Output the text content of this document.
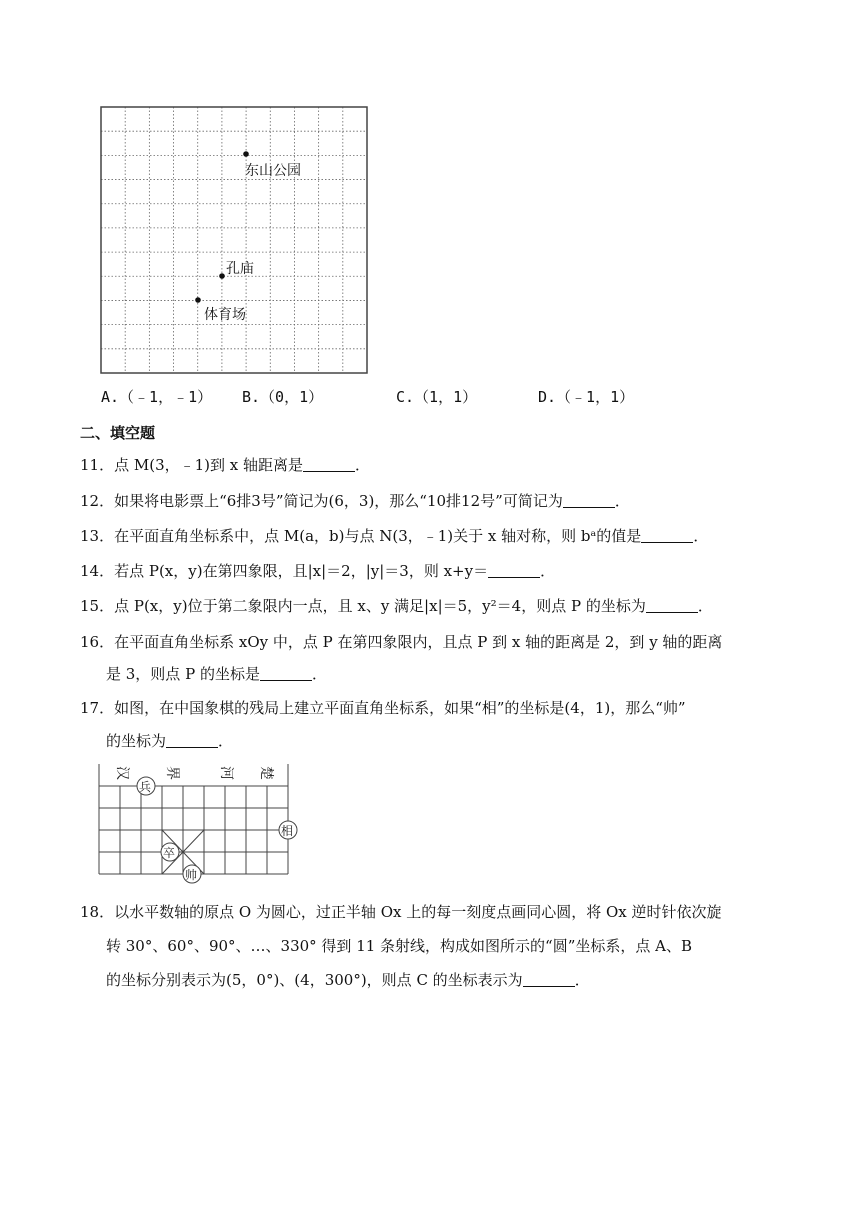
东山公园
孔庙
体育场
A.（﹣1，﹣1） B.（0，1）	C.（1，1）	D.（﹣1，1）
二、填空题
11．点 M(3，﹣1)到 x 轴距离是	．
12．如果将电影票上“6排3号”简记为(6，3)，那么“10排12号”可简记为	．
13．在平面直角坐标系中，点 M(a，b)与点 N(3，﹣1)关于 x 轴对称，则 bᵃ的值是	．
14．若点 P(x，y)在第四象限，且|x|＝2，|y|＝3，则 x+y＝	．
15．点 P(x，y)位于第二象限内一点，且 x、y 满足|x|＝5，y²＝4，则点 P 的坐标为	．
16．在平面直角坐标系 xOy 中，点 P 在第四象限内，且点 P 到 x 轴的距离是 2，到 y 轴的距离
是 3，则点 P 的坐标是	．
17．如图，在中国象棋的残局上建立平面直角坐标系，如果“相”的坐标是(4，1)，那么“帅”
的坐标为	．
汉 界	河 楚
兵
相
卒
帅
18．以水平数轴的原点 O 为圆心，过正半轴 Ox 上的每一刻度点画同心圆，将 Ox 逆时针依次旋
转 30°、60°、90°、…、330° 得到 11 条射线，构成如图所示的“圆”坐标系，点 A、B
的坐标分别表示为(5，0°)、(4，300°)，则点 C 的坐标表示为	．
